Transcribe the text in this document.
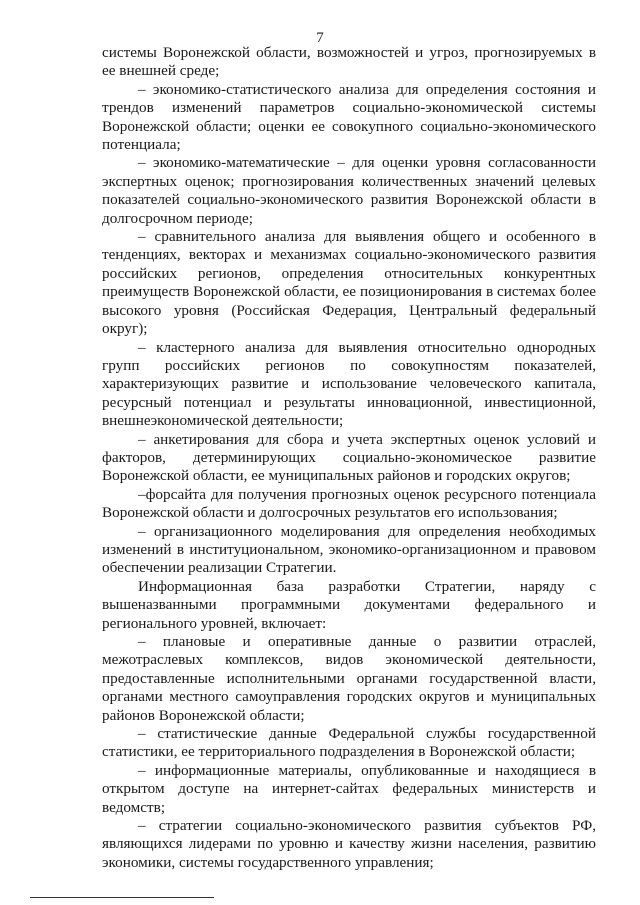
7

системы Воронежской области, возможностей и угроз, прогнозируемых в ее внешней среде;

– экономико-статистического анализа для определения состояния и трендов изменений параметров социально-экономической системы Воронежской области; оценки ее совокупного социально-экономического потенциала;

– экономико-математические – для оценки уровня согласованности экспертных оценок; прогнозирования количественных значений целевых показателей социально-экономического развития Воронежской области в долгосрочном периоде;

– сравнительного анализа для выявления общего и особенного в тенденциях, векторах и механизмах социально-экономического развития российских регионов, определения относительных конкурентных преимуществ Воронежской области, ее позиционирования в системах более высокого уровня (Российская Федерация, Центральный федеральный округ);

– кластерного анализа для выявления относительно однородных групп российских регионов по совокупностям показателей, характеризующих развитие и использование человеческого капитала, ресурсный потенциал и результаты инновационной, инвестиционной, внешнеэкономической деятельности;

– анкетирования для сбора и учета экспертных оценок условий и факторов, детерминирующих социально-экономическое развитие Воронежской области, ее муниципальных районов и городских округов;

–форсайта для получения прогнозных оценок ресурсного потенциала Воронежской области и долгосрочных результатов его использования;

– организационного моделирования для определения необходимых изменений в институциональном, экономико-организационном и правовом обеспечении реализации Стратегии.

Информационная база разработки Стратегии, наряду с вышеназванными программными документами федерального и регионального уровней, включает:

– плановые и оперативные данные о развитии отраслей, межотраслевых комплексов, видов экономической деятельности, предоставленные исполнительными органами государственной власти, органами местного самоуправления городских округов и муниципальных районов Воронежской области;

– статистические данные Федеральной службы государственной статистики, ее территориального подразделения в Воронежской области;

– информационные материалы, опубликованные и находящиеся в открытом доступе на интернет-сайтах федеральных министерств и ведомств;

– стратегии социально-экономического развития субъектов РФ, являющихся лидерами по уровню и качеству жизни населения, развитию экономики, системы государственного управления;
